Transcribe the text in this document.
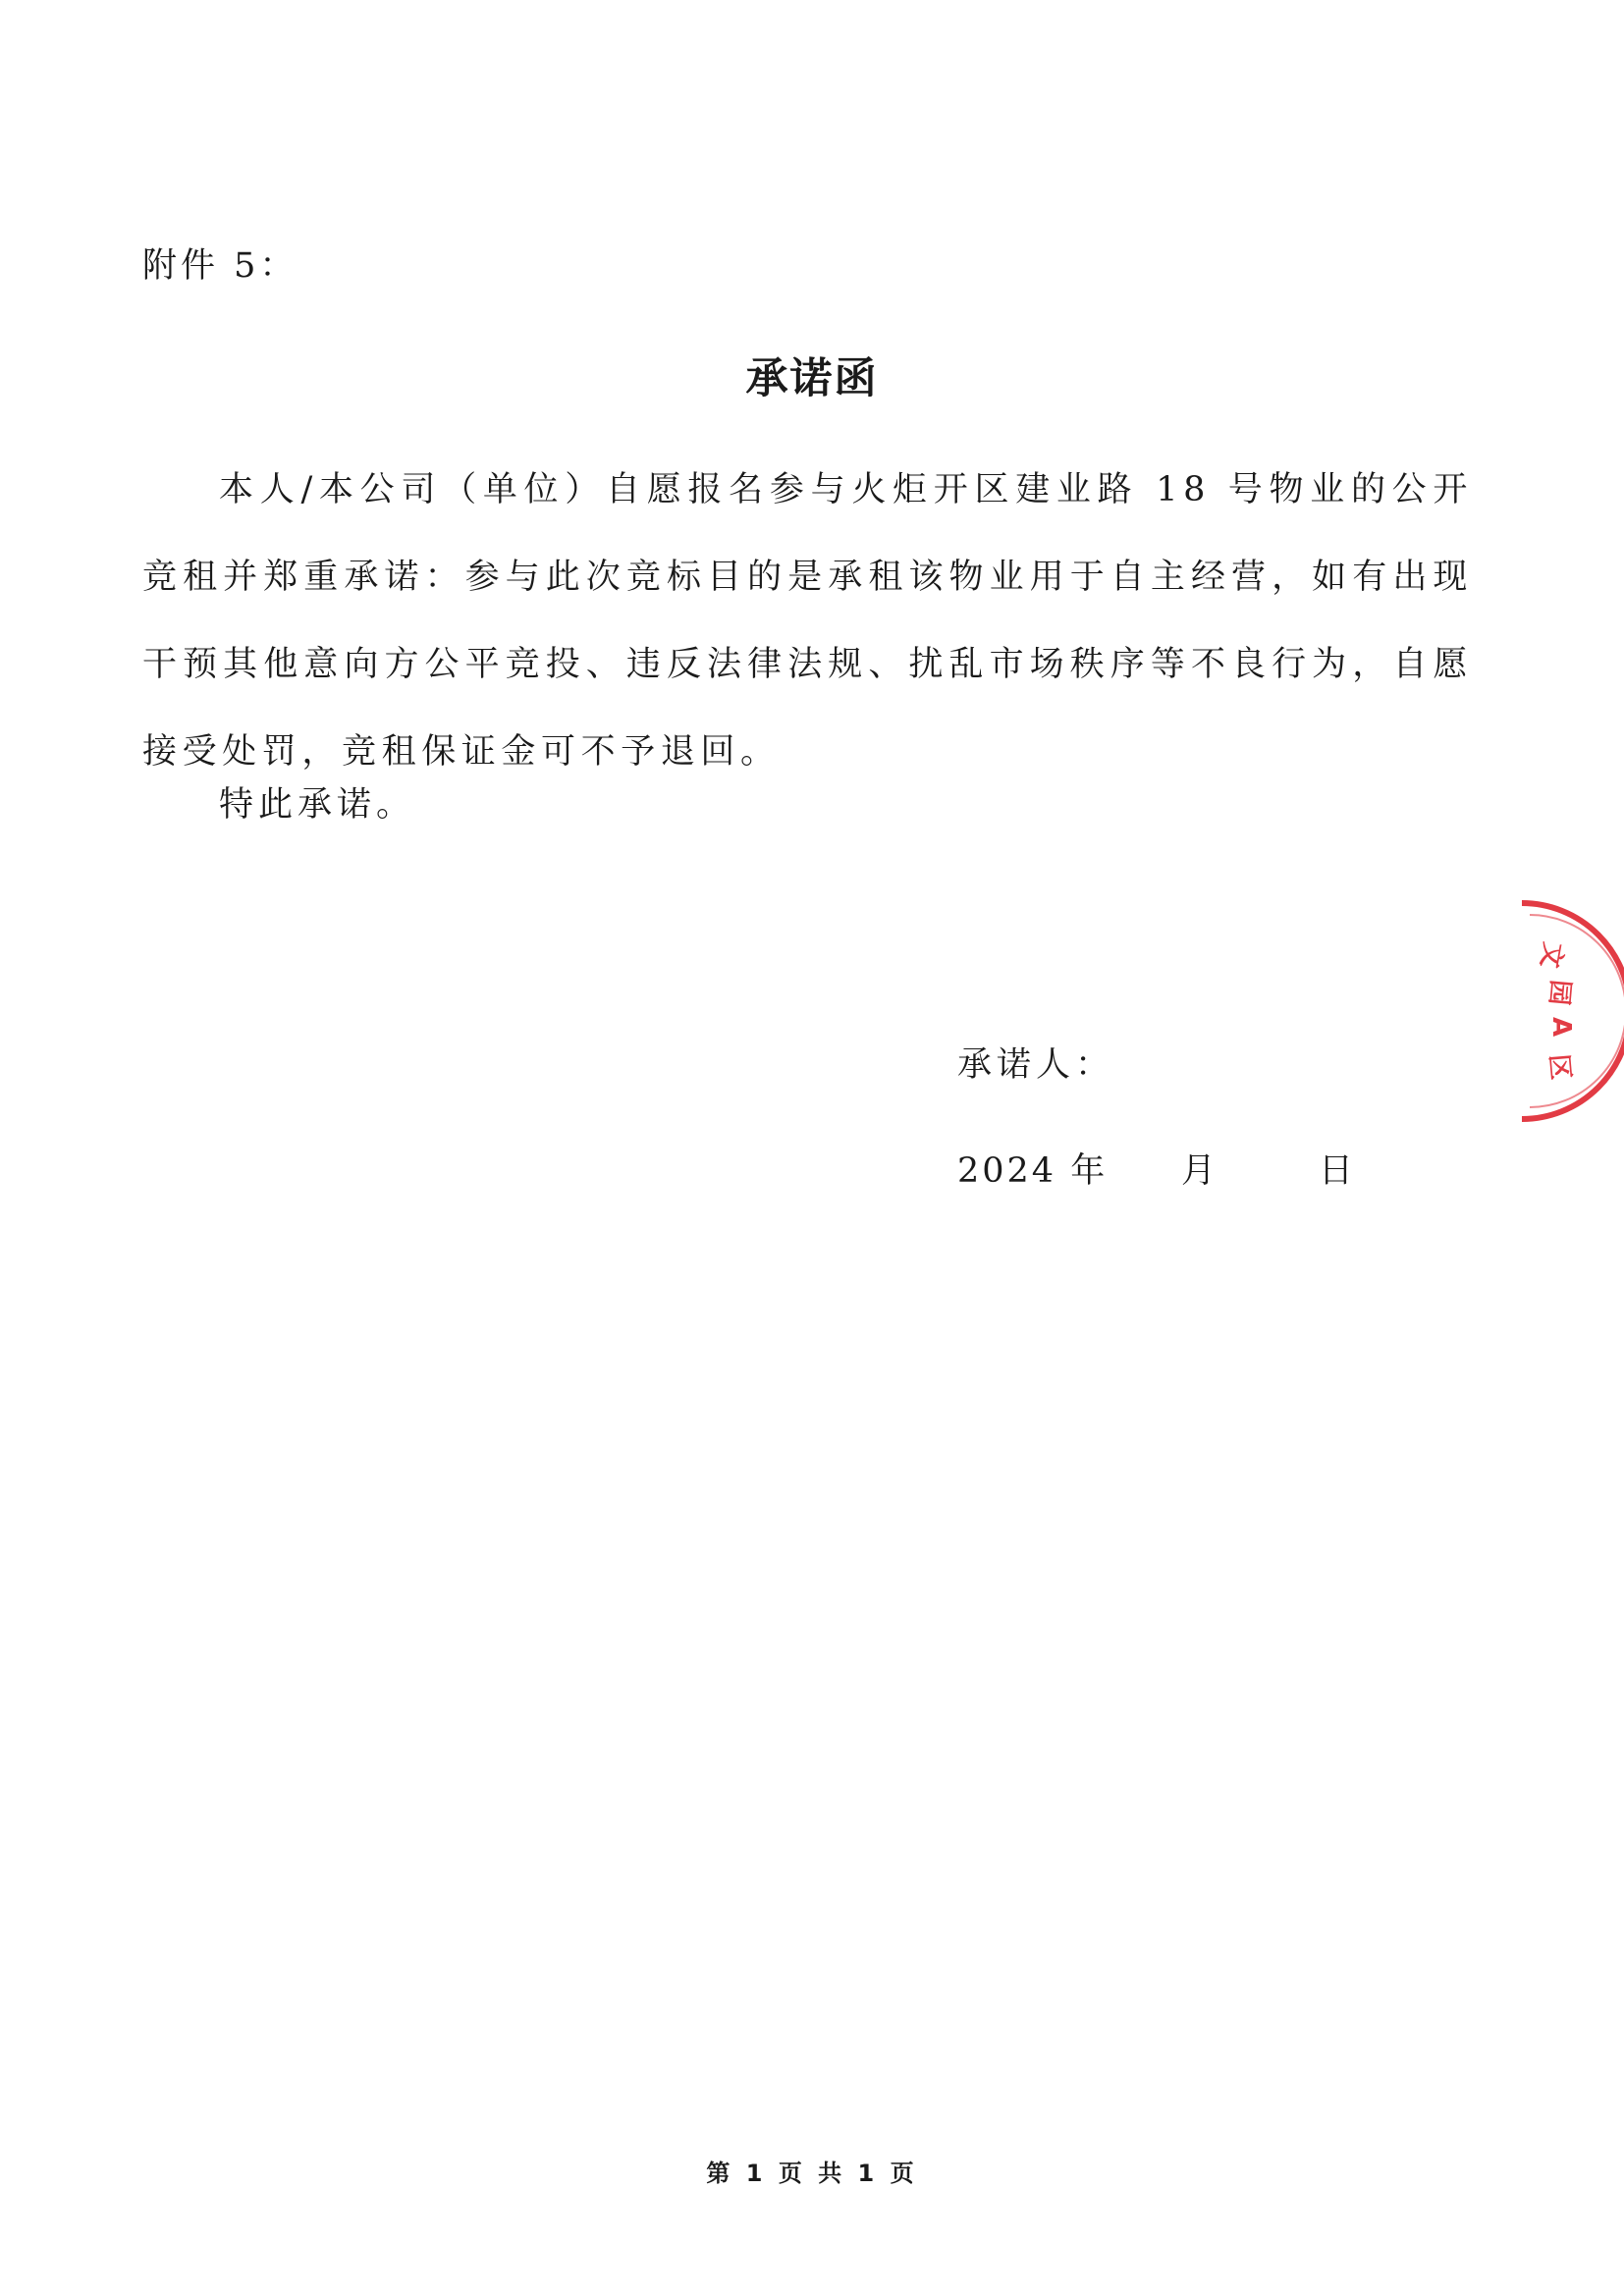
附件 5：
承诺函
本人/本公司（单位）自愿报名参与火炬开区建业路 18 号物业的公开竞租并郑重承诺：参与此次竞标目的是承租该物业用于自主经营，如有出现干预其他意向方公平竞投、违反法律法规、扰乱市场秩序等不良行为，自愿接受处罚，竞租保证金可不予退回。
特此承诺。
承诺人：
2024 年 月	日
文
园
A
区
第 1 页 共 1 页
